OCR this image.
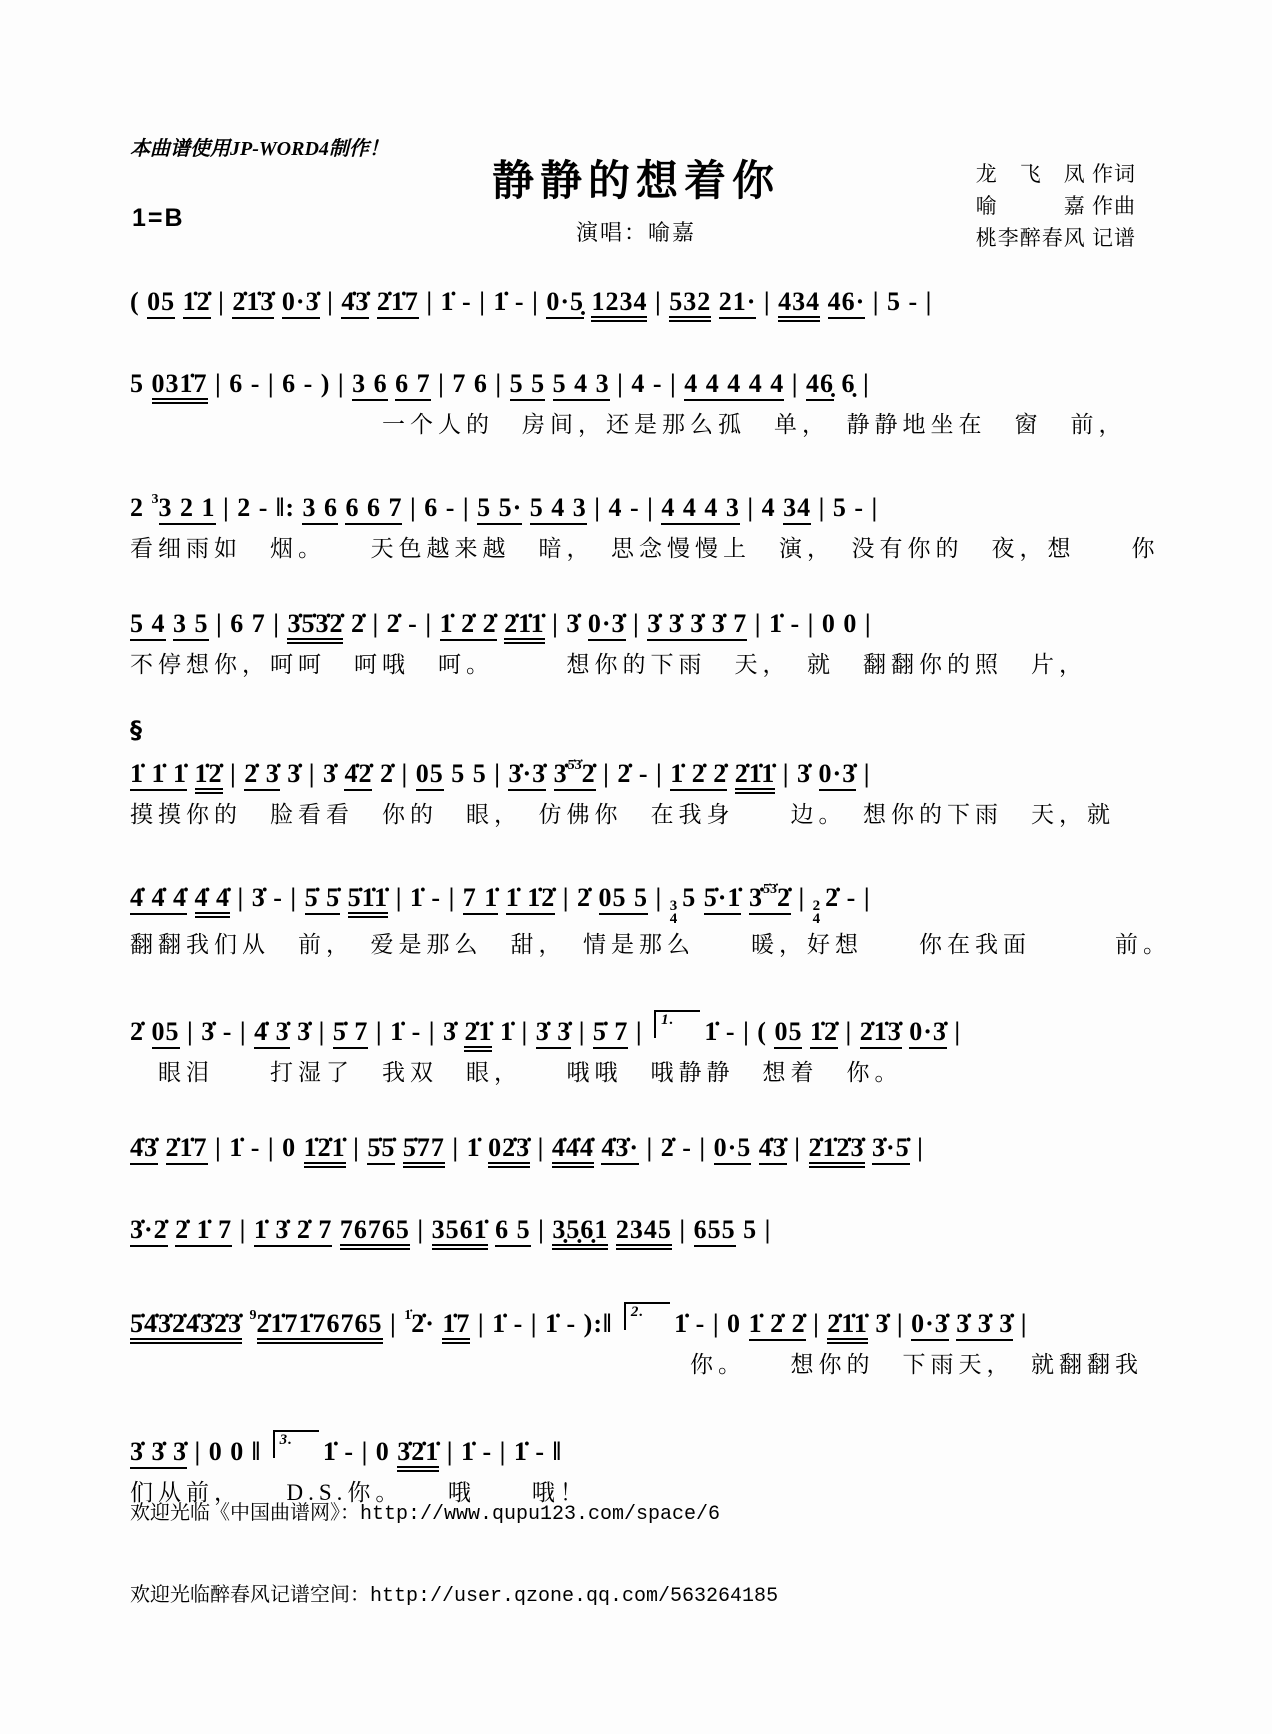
本曲谱使用JP-WORD4制作！
静静的想着你
1=B
演唱：喻嘉
龙　飞　凤 作词
喻　　　嘉 作曲
桃李醉春风 记谱
( 05 1̇2̇ | 2̇1̇3̇ 0·3̇ | 4̇3̇ 2̇1̇7 | 1̇ - | 1̇ - | 0·5̣ 1234 | 532 21· | 434 46· | 5 - |
5 031̇7 | 6 - | 6 - ) | 3 6 6 7 | 7 6 | 5 5 5 4 3 | 4 - | 4 4 4 4 4 | 46̣ 6̣ |
　　　　　　　　　一个人的　房间，还是那么孤　单，　静静地坐在　窗　前，
2 $^3$3 2 1 | 2 - ‖: 3 6 6 6 7 | 6 - | 5 5· 5 4 3 | 4 - | 4 4 4 3 | 4 34 | 5 - |
看细雨如　烟。　　天色越来越　暗，　思念慢慢上　演，　没有你的　夜，想　　你
5 4 3 5 | 6 7 | 3̇5̇3̇2̇ 2̇ | 2̇ - | 1̇ 2̇ 2̇ 2̇1̇1̇ | 3̇ 0·3̇ | 3̇ 3̇ 3̇ 3̇ 7 | 1̇ - | 0 0 |
不停想你，呵呵　呵哦　呵。　　　想你的下雨　天，　就　翻翻你的照　片，
§
1̇ 1̇ 1̇ 1̇2̇ | 2̇ 3̇ 3̇ | 3̇ 4̇2̇ 2̇ | 05 5 5 | 3̇·3̇ 3̇$^{5̇3̇}$2̇ | 2̇ - | 1̇ 2̇ 2̇ 2̇1̇1̇ | 3̇ 0·3̇ |
摸摸你的　脸看看　你的　眼，　仿佛你　在我身　　边。　想你的下雨　天，就
4̇ 4̇ 4̇ 4̇ 4̇ | 3̇ - | 5̇ 5̇ 5̇1̇1̇ | 1̇ - | 7 1̇ 1̇ 1̇2̇ | 2̇ 05 5 | 3
4
5 5̇·1̇ 3̇$^{5̇3̇}$2̇ | 2
4
2̇ - |
翻翻我们从　前，　爱是那么　甜，　情是那么　　暖，好想　　你在我面　　　前。
2̇ 05 | 3̇ - | 4̇ 3̇ 3̇ | 5̇ 7 | 1̇ - | 3̇ 2̇1̇ 1̇ | 3̇ 3̇ | 5̇ 7 | $^{1.}$ 1̇ - | ( 05 1̇2̇ | 2̇1̇3̇ 0·3̇ |
　眼泪　　打湿了　我双　眼，　　哦哦　哦静静　想着　你。
4̇3̇ 2̇1̇7 | 1̇ - | 0 1̇2̇1̇ | 5̇5̇ 5̇77 | 1̇ 02̇3̇ | 4̇4̇4̇ 4̇3̇· | 2̇ - | 0·5 4̇3̇ | 2̇1̇2̇3̇ 3̇·5̇ |
3̇·2̇ 2̇ 1̇ 7 | 1̇ 3̇ 2̇ 7 76765 | 3561̇ 6 5 | 3̣5̣6̣1 2345 | 655 5 |
5̇4̇3̇2̇4̇3̇2̇3̇ $^9$2̇1̇71̇76765 | $^{1̇}$2̇· 1̇7 | 1̇ - | 1̇ - ):‖ $^{2.}$ 1̇ - | 0 1̇ 2̇ 2̇ | 2̇1̇1̇ 3̇ | 0·3̇ 3̇ 3̇ 3̇ |
　　　　　　　　　　　　　　　　　　　　你。　　想你的　下雨天，　就翻翻我
3̇ 3̇ 3̇ | 0 0 ‖ $^{3.}$ 1̇ - | 0 3̇2̇1̇ | 1̇ - | 1̇ - ‖
们从前，　　D.S.你。　　哦　　哦！
欢迎光临《中国曲谱网》：http://www.qupu123.com/space/6
欢迎光临醉春风记谱空间：http://user.qzone.qq.com/563264185
